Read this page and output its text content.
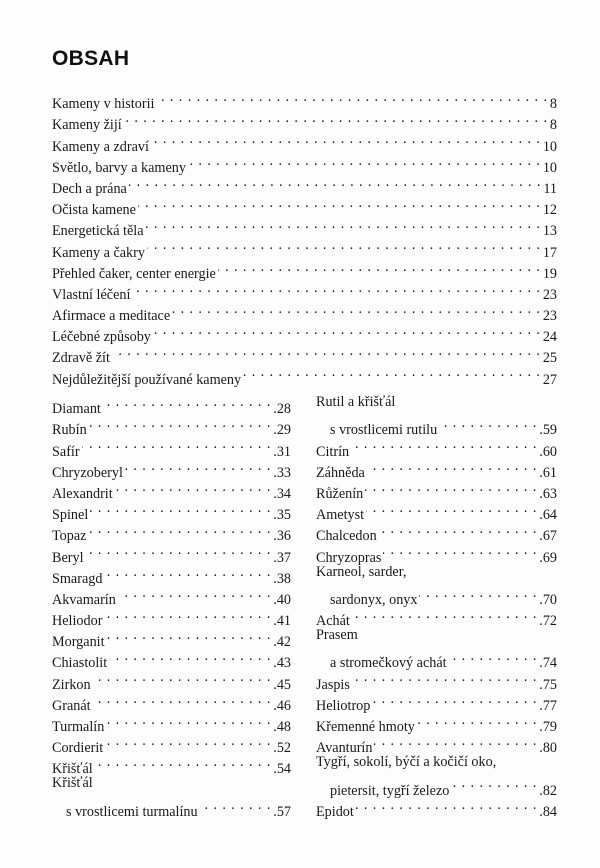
OBSAH
Kameny v historii . . .	8
Kameny žijí . . .	8
Kameny a zdraví . . .	10
Světlo, barvy a kameny . . .	10
Dech a prána . . .	11
Očista kamene . . .	12
Energetická těla . . .	13
Kameny a čakry . . .	17
Přehled čaker, center energie . . .	19
Vlastní léčení . . .	23
Afirmace a meditace . . .	23
Léčebné způsoby . . .	24
Zdravě žít . . .	25
Nejdůležitější používané kameny . . .	27
Diamant . . .	.28
Rubín . . .	.29
Safír . . .	.31
Chryzoberyl . . .	.33
Alexandrit . . .	.34
Spinel . . .	.35
Topaz . . .	.36
Beryl . . .	.37
Smaragd . . .	.38
Akvamarín . . .	.40
Heliodor . . .	.41
Morganit . . .	.42
Chiastolit . . .	.43
Zirkon . . .	.45
Granát . . .	.46
Turmalín . . .	.48
Cordierit . . .	.52
Křišťál . . .	.54
Křišťál
s vrostlicemi turmalínu . . .	.57
Rutil a křišťál
s vrostlicemi rutilu . . .	.59
Citrín . . .	.60
Záhněda . . .	.61
Růženín . . .	.63
Ametyst . . .	.64
Chalcedon . . .	.67
Chryzopras . . .	.69
Karneol, sarder,
sardonyx, onyx . . .	.70
Achát . . .	.72
Prasem
a stromečkový achát . . .	.74
Jaspis . . .	.75
Heliotrop . . .	.77
Křemenné hmoty . . .	.79
Avanturín . . .	.80
Tygří, sokolí, býčí a kočičí oko,
pietersit, tygří železo . . .	.82
Epidot . . .	.84
